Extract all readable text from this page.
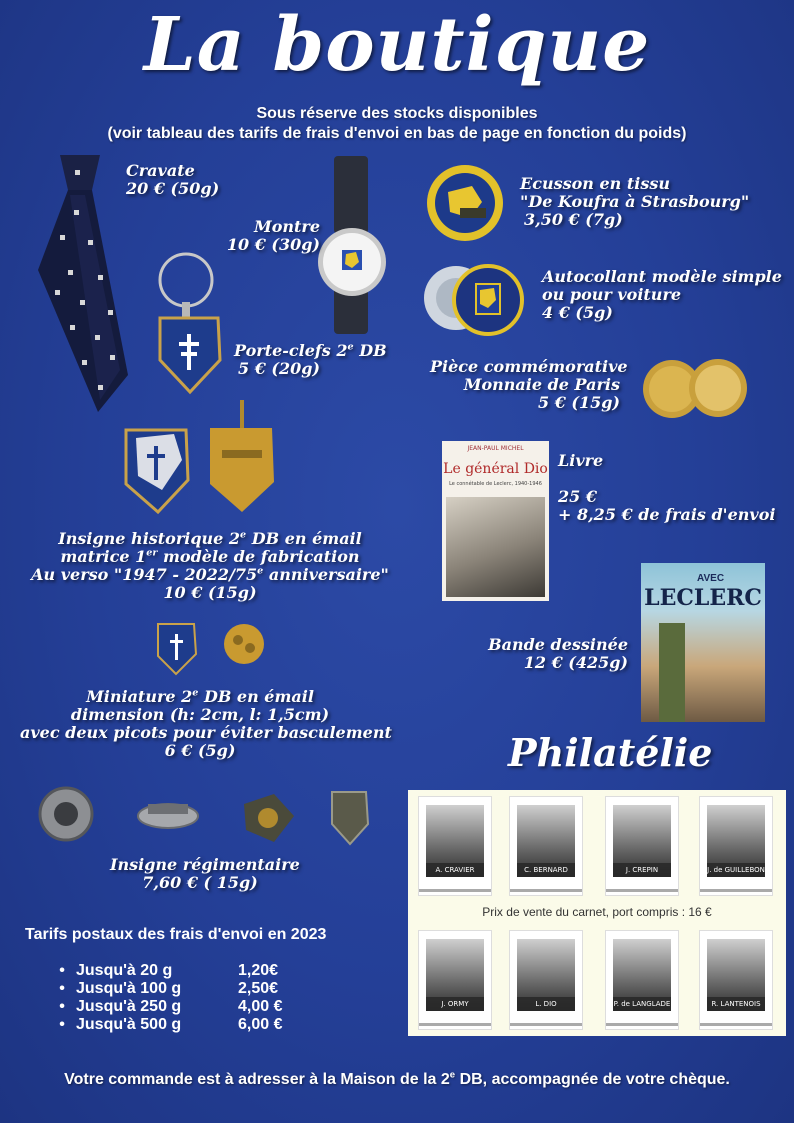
La boutique
Sous réserve des stocks disponibles
(voir tableau des tarifs de frais d'envoi en bas de page en fonction du poids)
Cravate
20 € (50g)
Montre
10 € (30g)
Porte-clefs 2e DB
5 € (20g)
Ecusson en tissu
"De Koufra à Strasbourg"
3,50 € (7g)
Autocollant modèle simple
ou pour voiture
4 € (5g)
Pièce commémorative
Monnaie de Paris
5 € (15g)
JEAN-PAUL MICHEL
Le général Dio
Le connétable de Leclerc, 1940-1946
Livre
25 €
+ 8,25 € de frais d'envoi
Insigne historique 2e DB en émail
matrice 1er modèle de fabrication
Au verso "1947 - 2022/75e anniversaire"
10 € (15g)
AVEC
LECLERC
Bande dessinée
12 € (425g)
Miniature 2e DB en émail
dimension (h: 2cm, l: 1,5cm)
avec deux picots pour éviter basculement
6 € (5g)	Philatélie
A. CRAVIER	C. BERNARD	J. CREPIN	J. de GUILLEBON
Prix de vente du carnet, port compris : 16 €
J. ORMY	L. DIO	P. de LANGLADE	R. LANTENOIS
Insigne régimentaire
7,60 € ( 15g)
Tarifs postaux des frais d'envoi en 2023
• Jusqu'à 20 g	1,20€
• Jusqu'à 100 g	2,50€
• Jusqu'à 250 g	4,00 €
• Jusqu'à 500 g	6,00 €
Votre commande est à adresser à la Maison de la 2e DB, accompagnée de votre chèque.
